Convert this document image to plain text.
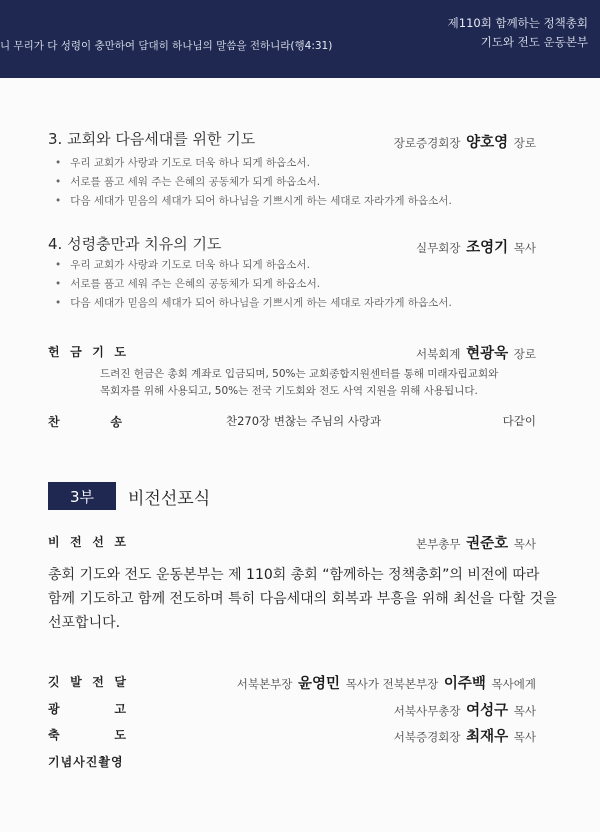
니 무리가 다 성령이 충만하여 담대히 하나님의 말씀을 전하니라(행4:31)
제110회 함께하는 정책총회
기도와 전도 운동본부
3. 교회와 다음세대를 위한 기도	장로증경회장 양호영 장로
• 우리 교회가 사랑과 기도로 더욱 하나 되게 하옵소서.
• 서로를 품고 세워 주는 은혜의 공동체가 되게 하옵소서.
• 다음 세대가 믿음의 세대가 되어 하나님을 기쁘시게 하는 세대로 자라가게 하옵소서.
4. 성령충만과 치유의 기도	실무회장 조영기 목사
• 우리 교회가 사랑과 기도로 더욱 하나 되게 하옵소서.
• 서로를 품고 세워 주는 은혜의 공동체가 되게 하옵소서.
• 다음 세대가 믿음의 세대가 되어 하나님을 기쁘시게 하는 세대로 자라가게 하옵소서.
헌 금 기 도	서북회계 현광욱 장로
드려진 헌금은 총회 계좌로 입금되며, 50%는 교회종합지원센터를 통해 미래자립교회와
목회자를 위해 사용되고, 50%는 전국 기도회와 전도 사역 지원을 위해 사용됩니다.
찬	송	찬270장 변찮는 주님의 사랑과	다같이
3부	비전선포식
비 전 선 포	본부총무 권준호 목사
총회 기도와 전도 운동본부는 제 110회 총회 “함께하는 정책총회”의 비전에 따라
함께 기도하고 함께 전도하며 특히 다음세대의 회복과 부흥을 위해 최선을 다할 것을
선포합니다.
깃 발 전 달	서북본부장 윤영민 목사가 전북본부장 이주백 목사에게
광	고	서북사무총장 여성구 목사
축	도	서북증경회장 최재우 목사
기념사진촬영
